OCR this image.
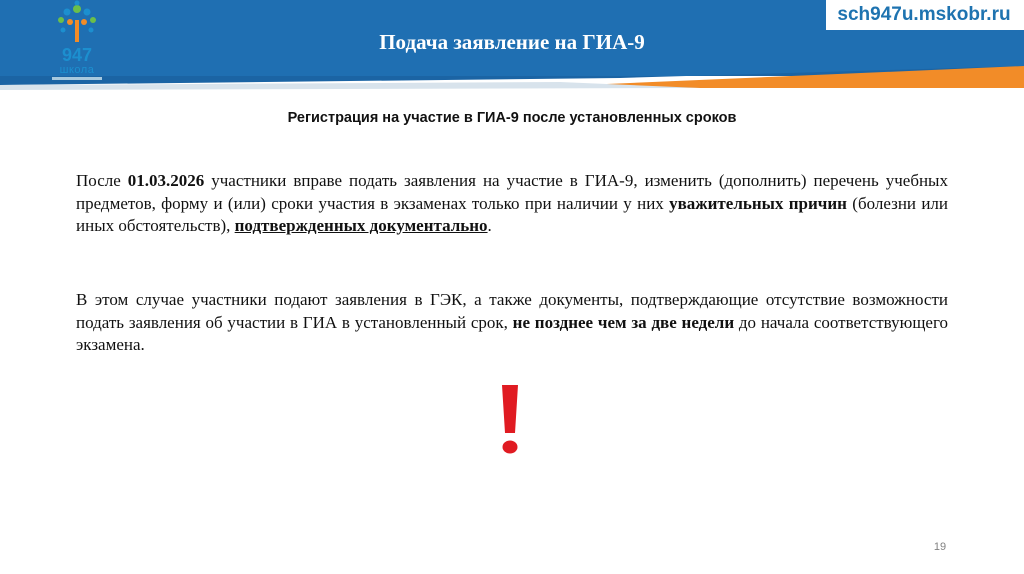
947
школа
Подача заявление на ГИА-9
sch947u.mskobr.ru
Регистрация на участие в ГИА-9 после установленных сроков
После 01.03.2026 участники вправе подать заявления на участие в ГИА-9, изменить (дополнить) перечень учебных предметов, форму и (или) сроки участия в экзаменах только при наличии у них уважительных причин (болезни или иных обстоятельств), подтвержденных документально.
В этом случае участники подают заявления в ГЭК, а также документы, подтверждающие отсутствие возможности подать заявления об участии в ГИА в установленный срок, не позднее чем за две недели до начала соответствующего экзамена.
19
